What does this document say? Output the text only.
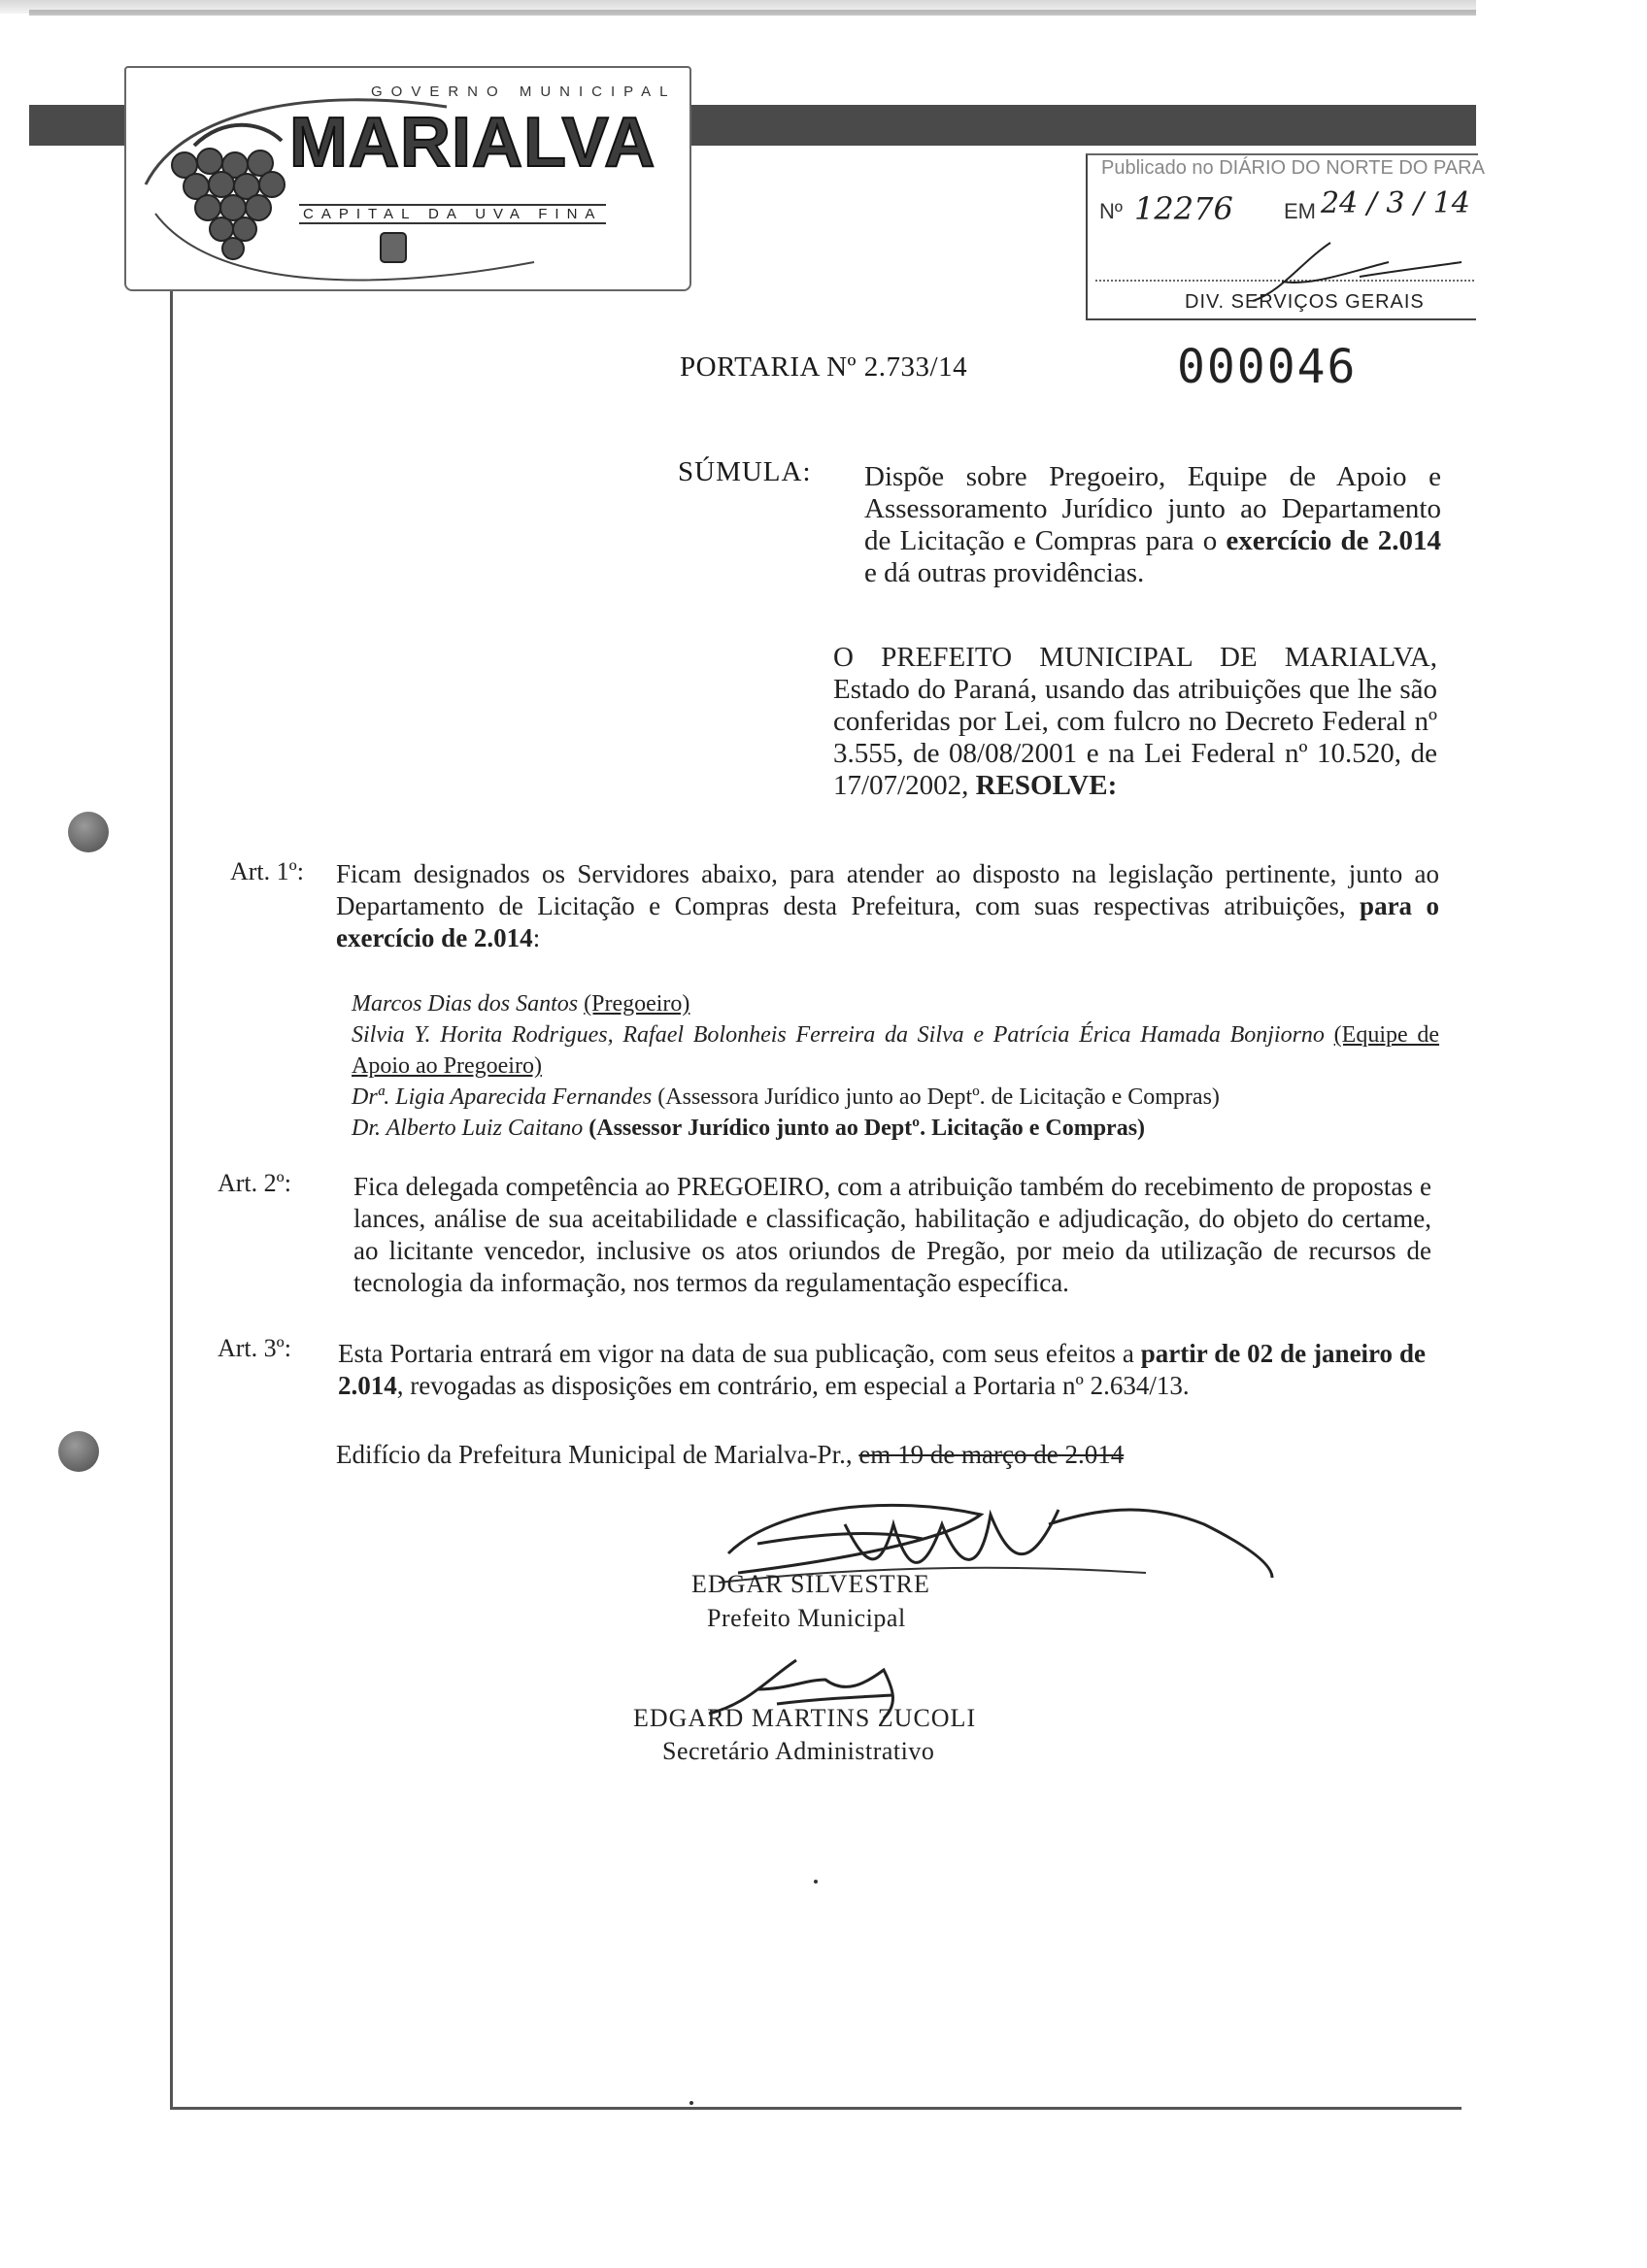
GOVERNO MUNICIPAL
MARIALVA
CAPITAL DA UVA FINA
Publicado no DIÁRIO DO NORTE DO PARA
Nº 12276 EM 24 / 3 / 14
DIV. SERVIÇOS GERAIS
PORTARIA Nº 2.733/14	000046
SÚMULA: Dispõe sobre Pregoeiro, Equipe de Apoio e Assessoramento Jurídico junto ao Departamento de Licitação e Compras para o exercício de 2.014 e dá outras providências.
O PREFEITO MUNICIPAL DE MARIALVA, Estado do Paraná, usando das atribuições que lhe são conferidas por Lei, com fulcro no Decreto Federal nº 3.555, de 08/08/2001 e na Lei Federal nº 10.520, de 17/07/2002, RESOLVE:
Art. 1º: Ficam designados os Servidores abaixo, para atender ao disposto na legislação pertinente, junto ao Departamento de Licitação e Compras desta Prefeitura, com suas respectivas atribuições, para o exercício de 2.014:
Marcos Dias dos Santos (Pregoeiro)
Silvia Y. Horita Rodrigues, Rafael Bolonheis Ferreira da Silva e Patrícia Érica Hamada Bonjiorno (Equipe de Apoio ao Pregoeiro)
Drª. Ligia Aparecida Fernandes (Assessora Jurídico junto ao Deptº. de Licitação e Compras)
Dr. Alberto Luiz Caitano (Assessor Jurídico junto ao Deptº. Licitação e Compras)
Art. 2º: Fica delegada competência ao PREGOEIRO, com a atribuição também do recebimento de propostas e lances, análise de sua aceitabilidade e classificação, habilitação e adjudicação, do objeto do certame, ao licitante vencedor, inclusive os atos oriundos de Pregão, por meio da utilização de recursos de tecnologia da informação, nos termos da regulamentação específica.
Art. 3º: Esta Portaria entrará em vigor na data de sua publicação, com seus efeitos a partir de 02 de janeiro de 2.014, revogadas as disposições em contrário, em especial a Portaria nº 2.634/13.
Edifício da Prefeitura Municipal de Marialva-Pr., em 19 de março de 2.014
EDGAR SILVESTRE
Prefeito Municipal
EDGARD MARTINS ZUCOLI
Secretário Administrativo
